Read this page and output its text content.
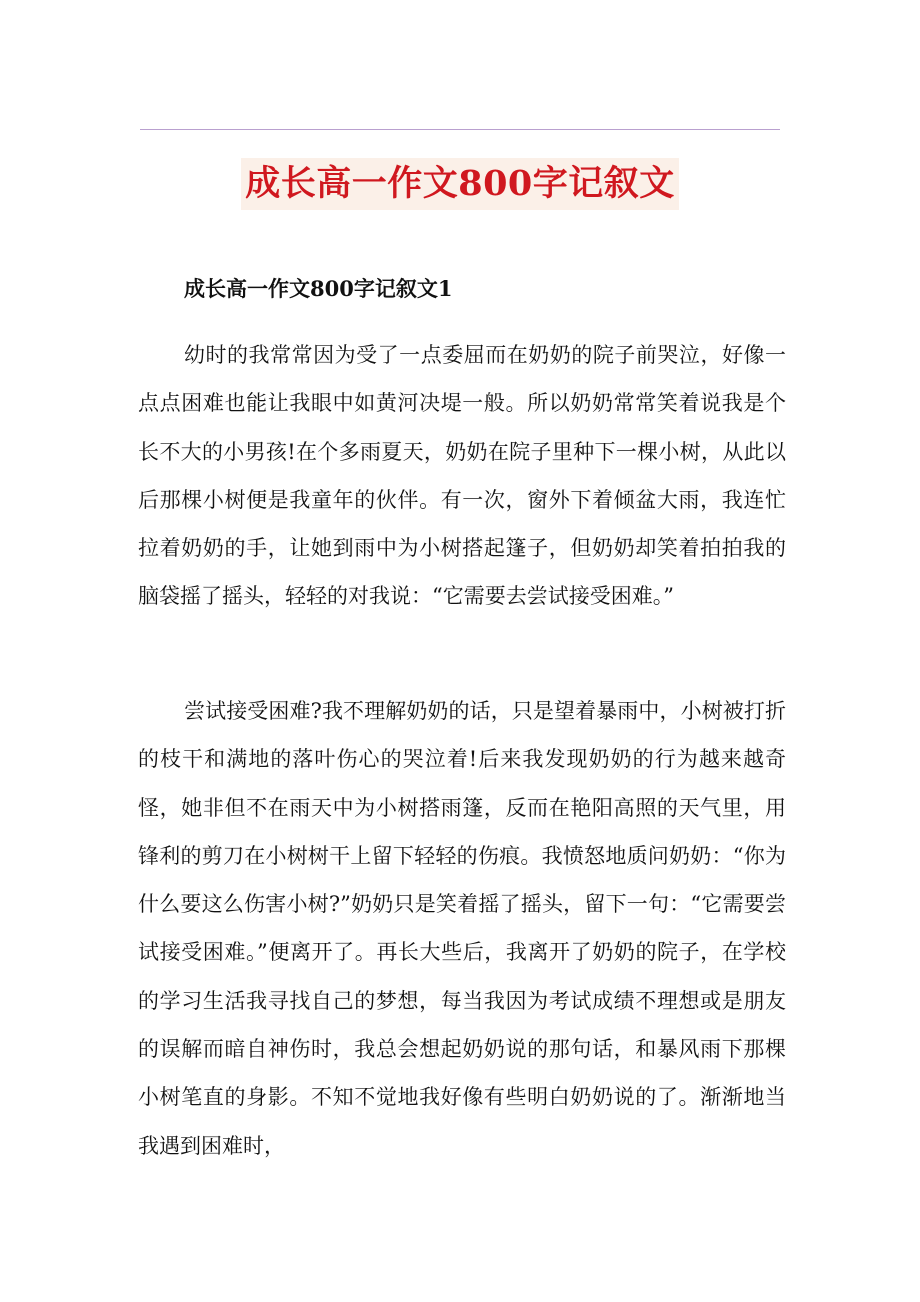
成长高一作文800字记叙文
成长高一作文800字记叙文1

幼时的我常常因为受了一点委屈而在奶奶的院子前哭泣，好像一点点困难也能让我眼中如黄河决堤一般。所以奶奶常常笑着说我是个长不大的小男孩!在个多雨夏天，奶奶在院子里种下一棵小树，从此以后那棵小树便是我童年的伙伴。有一次，窗外下着倾盆大雨，我连忙拉着奶奶的手，让她到雨中为小树搭起篷子，但奶奶却笑着拍拍我的脑袋摇了摇头，轻轻的对我说：“它需要去尝试接受困难。”

尝试接受困难?我不理解奶奶的话，只是望着暴雨中，小树被打折的枝干和满地的落叶伤心的哭泣着!后来我发现奶奶的行为越来越奇怪，她非但不在雨天中为小树搭雨篷，反而在艳阳高照的天气里，用锋利的剪刀在小树树干上留下轻轻的伤痕。我愤怒地质问奶奶：“你为什么要这么伤害小树?”奶奶只是笑着摇了摇头，留下一句：“它需要尝试接受困难。”便离开了。再长大些后，我离开了奶奶的院子，在学校的学习生活我寻找自己的梦想，每当我因为考试成绩不理想或是朋友的误解而暗自神伤时，我总会想起奶奶说的那句话，和暴风雨下那棵小树笔直的身影。不知不觉地我好像有些明白奶奶说的了。渐渐地当我遇到困难时，
